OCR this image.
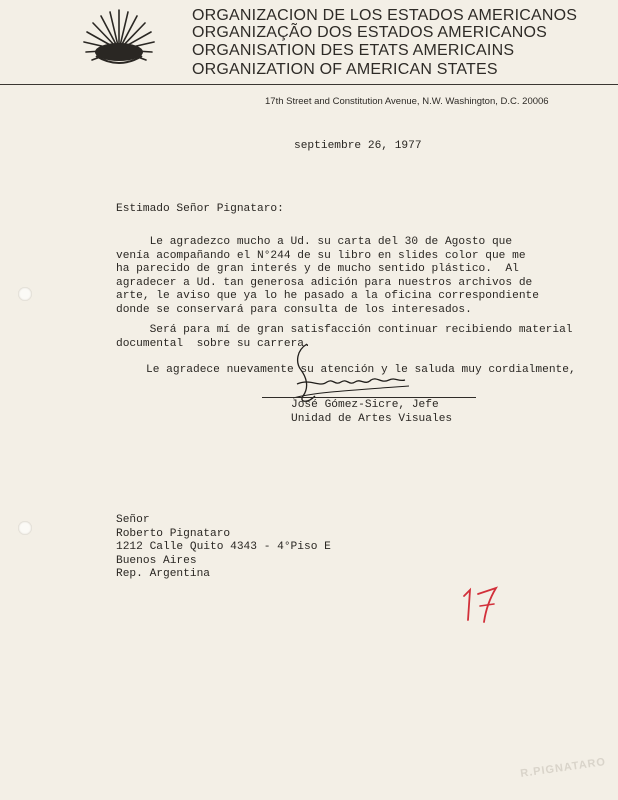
ORGANIZACION DE LOS ESTADOS AMERICANOS
ORGANIZAÇÃO DOS ESTADOS AMERICANOS
ORGANISATION DES ETATS AMERICAINS
ORGANIZATION OF AMERICAN STATES
17th Street and Constitution Avenue, N.W. Washington, D.C. 20006
septiembre 26, 1977
Estimado Señor Pignataro:
Le agradezco mucho a Ud. su carta del 30 de Agosto que
venía acompañando el N°244 de su libro en slides color que me
ha parecido de gran interés y de mucho sentido plástico.  Al
agradecer a Ud. tan generosa adición para nuestros archivos de
arte, le aviso que ya lo he pasado a la oficina correspondiente
donde se conservará para consulta de los interesados.
Será para mí de gran satisfacción continuar recibiendo material
documental  sobre su carrera.
Le agradece nuevamente su atención y le saluda muy cordialmente,
José Gómez-Sicre, Jefe
Unidad de Artes Visuales
Señor
Roberto Pignataro
1212 Calle Quito 4343 - 4°Piso E
Buenos Aires
Rep. Argentina
R.PIGNATARO
